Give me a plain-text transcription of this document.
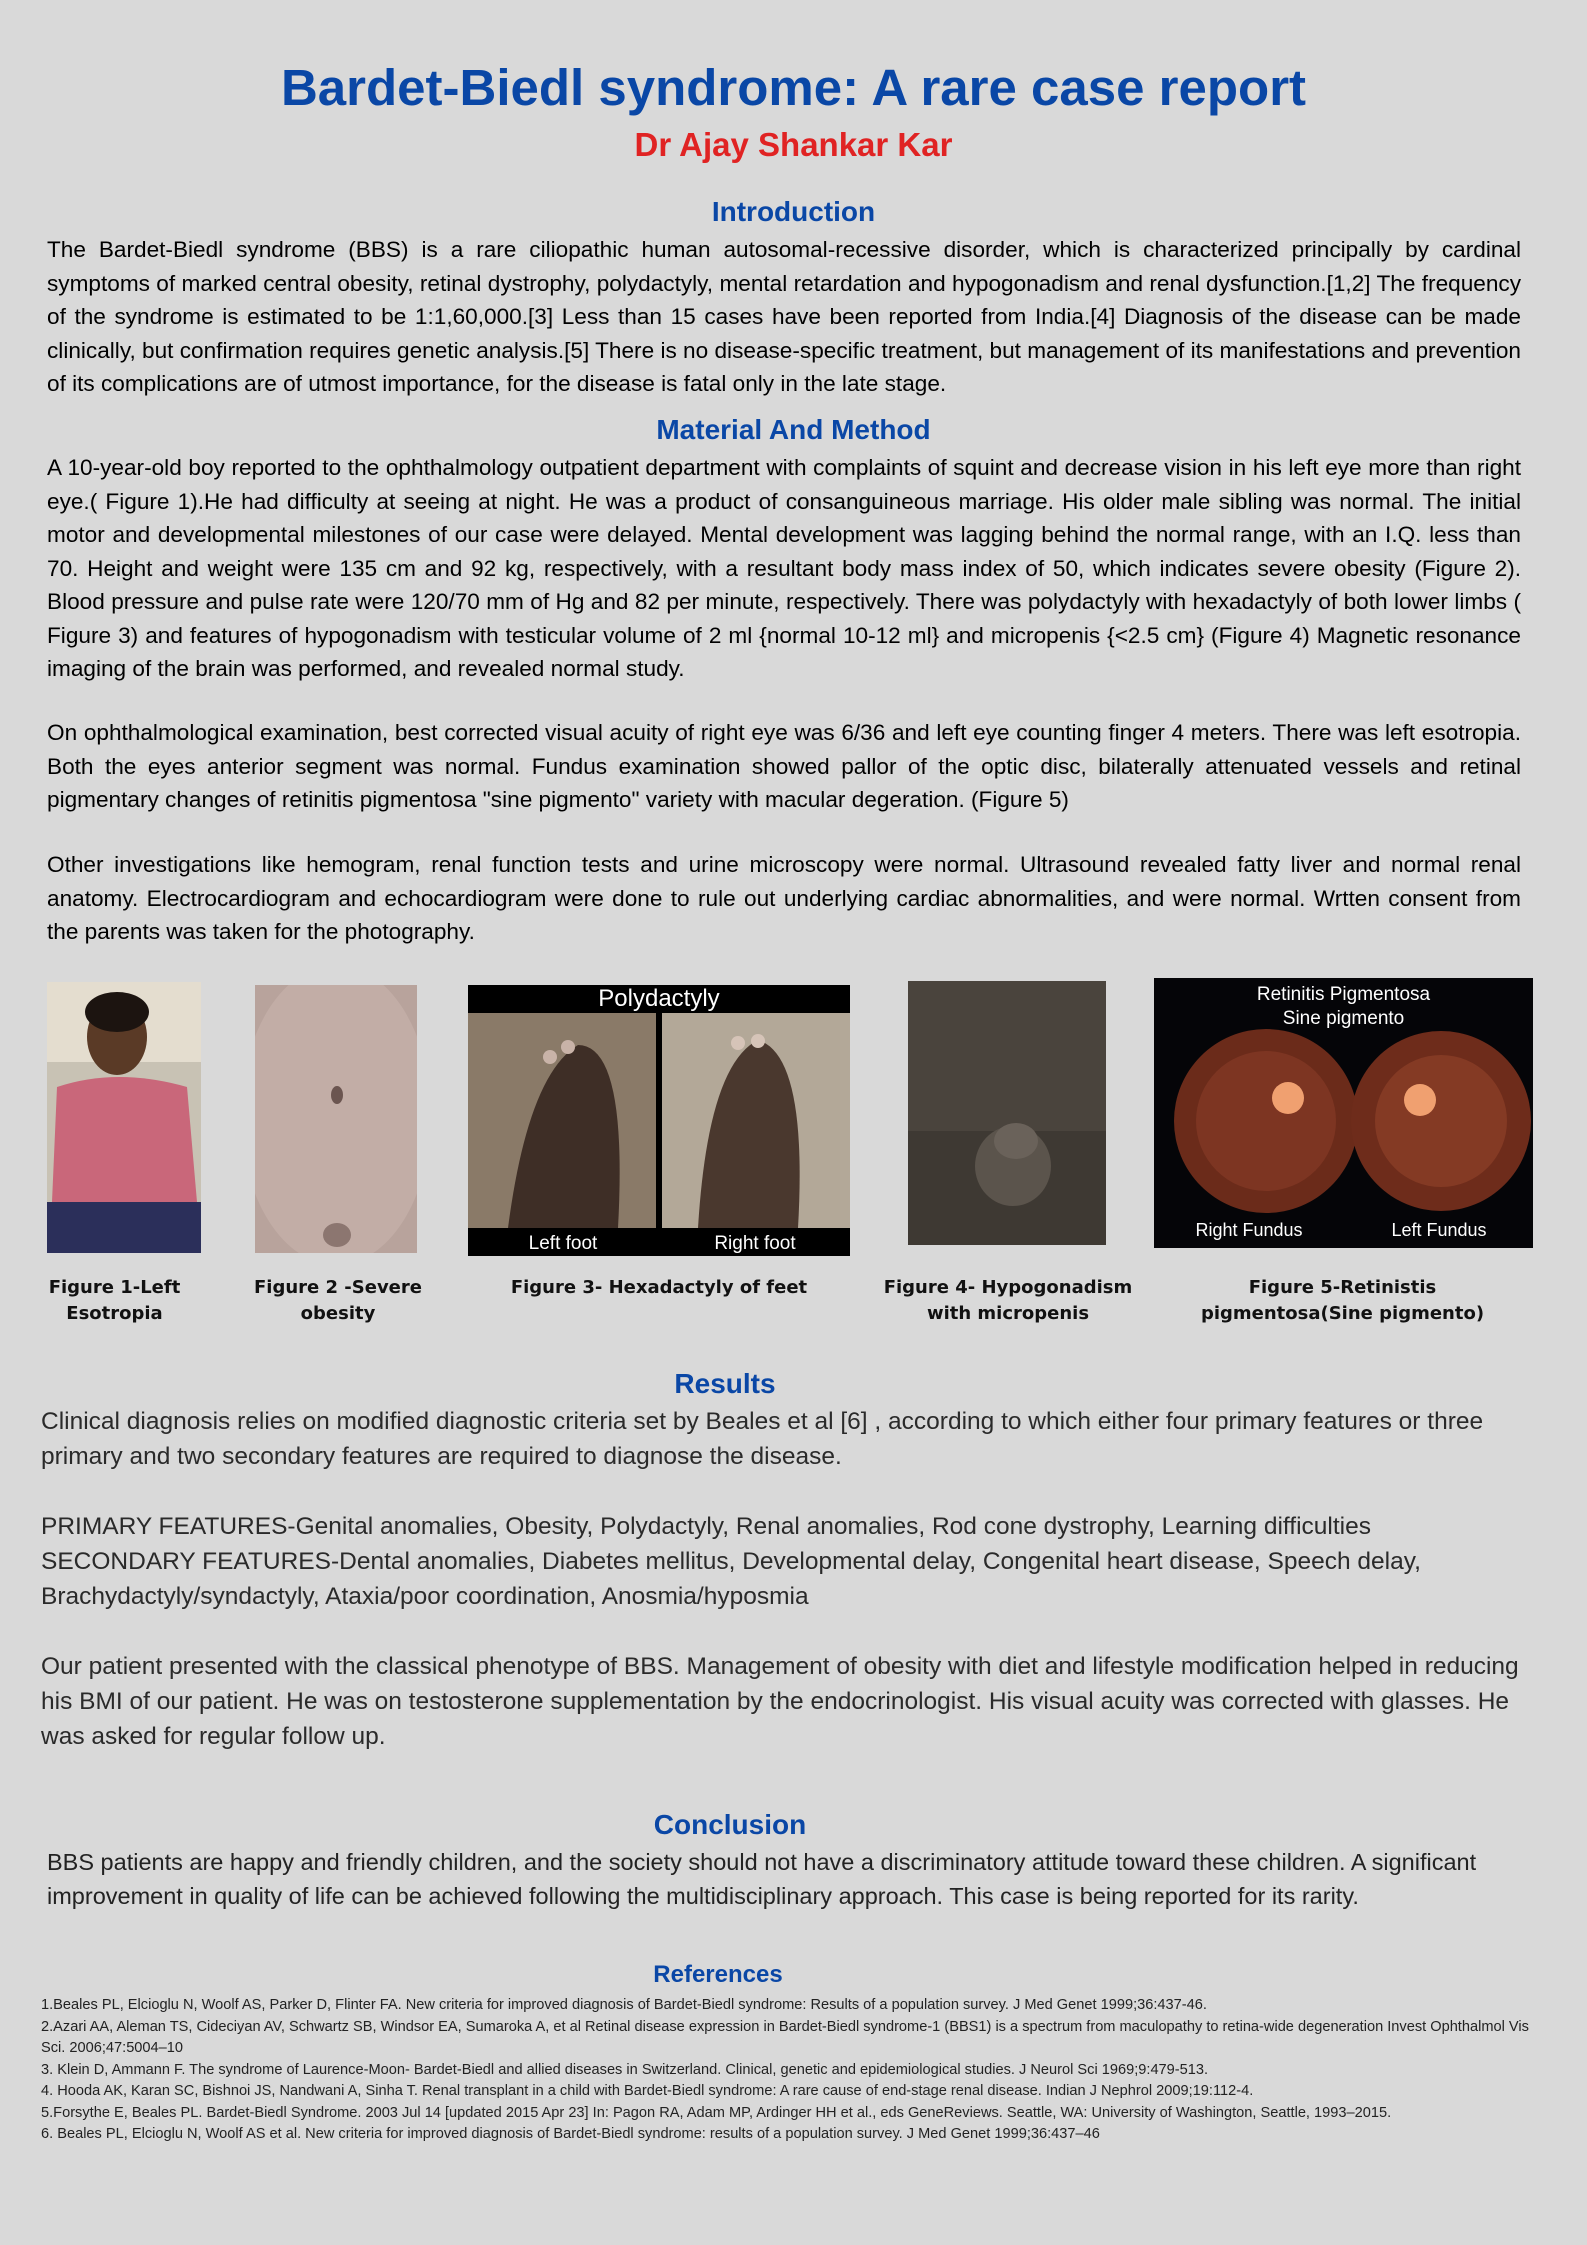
Bardet-Biedl syndrome: A rare case report
Dr Ajay Shankar Kar
Introduction

The Bardet-Biedl syndrome (BBS) is a rare ciliopathic human autosomal-recessive disorder, which is characterized principally by cardinal symptoms of marked central obesity, retinal dystrophy, polydactyly, mental retardation and hypogonadism and renal dysfunction.[1,2] The frequency of the syndrome is estimated to be 1:1,60,000.[3] Less than 15 cases have been reported from India.[4] Diagnosis of the disease can be made clinically, but confirmation requires genetic analysis.[5] There is no disease-specific treatment, but management of its manifestations and prevention of its complications are of utmost importance, for the disease is fatal only in the late stage.

Material And Method

A 10-year-old boy reported to the ophthalmology outpatient department with complaints of squint and decrease vision in his left eye more than right eye.( Figure 1).He had difficulty at seeing at night. He was a product of consanguineous marriage. His older male sibling was normal. The initial motor and developmental milestones of our case were delayed. Mental development was lagging behind the normal range, with an I.Q. less than 70. Height and weight were 135 cm and 92 kg, respectively, with a resultant body mass index of 50, which indicates severe obesity (Figure 2). Blood pressure and pulse rate were 120/70 mm of Hg and 82 per minute, respectively. There was polydactyly with hexadactyly of both lower limbs ( Figure 3) and features of hypogonadism with testicular volume of 2 ml {normal 10-12 ml} and micropenis {<2.5 cm} (Figure 4) Magnetic resonance imaging of the brain was performed, and revealed normal study.

On ophthalmological examination, best corrected visual acuity of right eye was 6/36 and left eye counting finger 4 meters. There was left esotropia. Both the eyes anterior segment was normal. Fundus examination showed pallor of the optic disc, bilaterally attenuated vessels and retinal pigmentary changes of retinitis pigmentosa "sine pigmento" variety with macular degeration. (Figure 5)

Other investigations like hemogram, renal function tests and urine microscopy were normal. Ultrasound revealed fatty liver and normal renal anatomy. Electrocardiogram and echocardiogram were done to rule out underlying cardiac abnormalities, and were normal. Wrtten consent from the parents was taken for the photography.

Figure 1-Left Esotropia
Figure 2 -Severe obesity
Polydactyly
Left foot	Right foot
Figure 3- Hexadactyly of feet	Figure 4- Hypogonadism with micropenis
Retinitis Pigmentosa
Sine pigmento
Right Fundus	Left Fundus
Figure 5-Retinistis pigmentosa(Sine pigmento)
Results

Clinical diagnosis relies on modified diagnostic criteria set by Beales et al [6] , according to which either four primary features or three primary and two secondary features are required to diagnose the disease.

PRIMARY FEATURES-Genital anomalies, Obesity, Polydactyly, Renal anomalies, Rod cone dystrophy, Learning difficulties

SECONDARY FEATURES-Dental anomalies, Diabetes mellitus, Developmental delay, Congenital heart disease, Speech delay, Brachydactyly/syndactyly, Ataxia/poor coordination, Anosmia/hyposmia

Our patient presented with the classical phenotype of BBS. Management of obesity with diet and lifestyle modification helped in reducing his BMI of our patient. He was on testosterone supplementation by the endocrinologist. His visual acuity was corrected with glasses. He was asked for regular follow up.

Conclusion

BBS patients are happy and friendly children, and the society should not have a discriminatory attitude toward these children. A significant improvement in quality of life can be achieved following the multidisciplinary approach. This case is being reported for its rarity.

References
1.Beales PL, Elcioglu N, Woolf AS, Parker D, Flinter FA. New criteria for improved diagnosis of Bardet-Biedl syndrome: Results of a population survey. J Med Genet 1999;36:437-46.
2.Azari AA, Aleman TS, Cideciyan AV, Schwartz SB, Windsor EA, Sumaroka A, et al Retinal disease expression in Bardet-Biedl syndrome-1 (BBS1) is a spectrum from maculopathy to retina-wide degeneration Invest Ophthalmol Vis Sci. 2006;47:5004–10
3. Klein D, Ammann F. The syndrome of Laurence-Moon- Bardet-Biedl and allied diseases in Switzerland. Clinical, genetic and epidemiological studies. J Neurol Sci 1969;9:479-513.
4. Hooda AK, Karan SC, Bishnoi JS, Nandwani A, Sinha T. Renal transplant in a child with Bardet-Biedl syndrome: A rare cause of end-stage renal disease. Indian J Nephrol 2009;19:112-4.
5.Forsythe E, Beales PL. Bardet-Biedl Syndrome. 2003 Jul 14 [updated 2015 Apr 23] In: Pagon RA, Adam MP, Ardinger HH et al., eds GeneReviews. Seattle, WA: University of Washington, Seattle, 1993–2015.
6. Beales PL, Elcioglu N, Woolf AS et al. New criteria for improved diagnosis of Bardet-Biedl syndrome: results of a population survey. J Med Genet 1999;36:437–46
